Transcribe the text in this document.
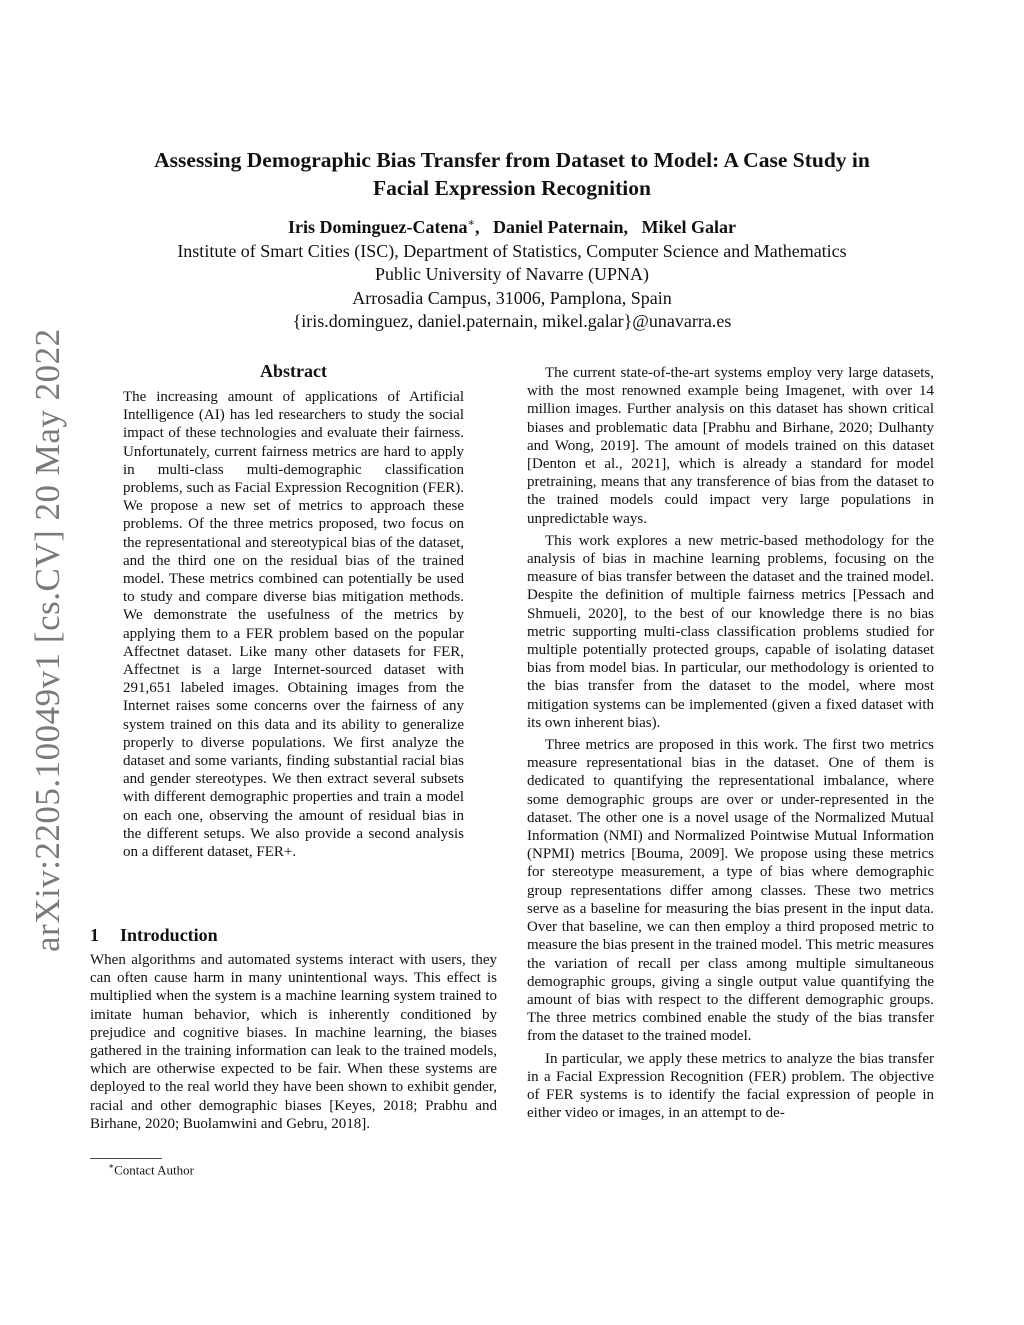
arXiv:2205.10049v1 [cs.CV] 20 May 2022
Assessing Demographic Bias Transfer from Dataset to Model: A Case Study in
Facial Expression Recognition
Iris Dominguez-Catena∗,   Daniel Paternain,   Mikel Galar
Institute of Smart Cities (ISC), Department of Statistics, Computer Science and Mathematics
Public University of Navarre (UPNA)
Arrosadia Campus, 31006, Pamplona, Spain
{iris.dominguez, daniel.paternain, mikel.galar}@unavarra.es
Abstract

The increasing amount of applications of Artificial Intelligence (AI) has led researchers to study the social impact of these technologies and evaluate their fairness. Unfortunately, current fairness metrics are hard to apply in multi-class multi-demographic classification problems, such as Facial Expression Recognition (FER). We propose a new set of metrics to approach these problems. Of the three metrics proposed, two focus on the representational and stereotypical bias of the dataset, and the third one on the residual bias of the trained model. These metrics combined can potentially be used to study and compare diverse bias mitigation methods. We demonstrate the usefulness of the metrics by applying them to a FER problem based on the popular Affectnet dataset. Like many other datasets for FER, Affectnet is a large Internet-sourced dataset with 291,651 labeled images. Obtaining images from the Internet raises some concerns over the fairness of any system trained on this data and its ability to generalize properly to diverse populations. We first analyze the dataset and some variants, finding substantial racial bias and gender stereotypes. We then extract several subsets with different demographic properties and train a model on each one, observing the amount of residual bias in the different setups. We also provide a second analysis on a different dataset, FER+.

1 Introduction

When algorithms and automated systems interact with users, they can often cause harm in many unintentional ways. This effect is multiplied when the system is a machine learning system trained to imitate human behavior, which is inherently conditioned by prejudice and cognitive biases. In machine learning, the biases gathered in the training information can leak to the trained models, which are otherwise expected to be fair. When these systems are deployed to the real world they have been shown to exhibit gender, racial and other demographic biases [Keyes, 2018; Prabhu and Birhane, 2020; Buolamwini and Gebru, 2018].

∗Contact Author

The current state-of-the-art systems employ very large datasets, with the most renowned example being Imagenet, with over 14 million images. Further analysis on this dataset has shown critical biases and problematic data [Prabhu and Birhane, 2020; Dulhanty and Wong, 2019]. The amount of models trained on this dataset [Denton et al., 2021], which is already a standard for model pretraining, means that any transference of bias from the dataset to the trained models could impact very large populations in unpredictable ways.

This work explores a new metric-based methodology for the analysis of bias in machine learning problems, focusing on the measure of bias transfer between the dataset and the trained model. Despite the definition of multiple fairness metrics [Pessach and Shmueli, 2020], to the best of our knowledge there is no bias metric supporting multi-class classification problems studied for multiple potentially protected groups, capable of isolating dataset bias from model bias. In particular, our methodology is oriented to the bias transfer from the dataset to the model, where most mitigation systems can be implemented (given a fixed dataset with its own inherent bias).

Three metrics are proposed in this work. The first two metrics measure representational bias in the dataset. One of them is dedicated to quantifying the representational imbalance, where some demographic groups are over or under-represented in the dataset. The other one is a novel usage of the Normalized Mutual Information (NMI) and Normalized Pointwise Mutual Information (NPMI) metrics [Bouma, 2009]. We propose using these metrics for stereotype measurement, a type of bias where demographic group representations differ among classes. These two metrics serve as a baseline for measuring the bias present in the input data. Over that baseline, we can then employ a third proposed metric to measure the bias present in the trained model. This metric measures the variation of recall per class among multiple simultaneous demographic groups, giving a single output value quantifying the amount of bias with respect to the different demographic groups. The three metrics combined enable the study of the bias transfer from the dataset to the trained model.

In particular, we apply these metrics to analyze the bias transfer in a Facial Expression Recognition (FER) problem. The objective of FER systems is to identify the facial expression of people in either video or images, in an attempt to de-
